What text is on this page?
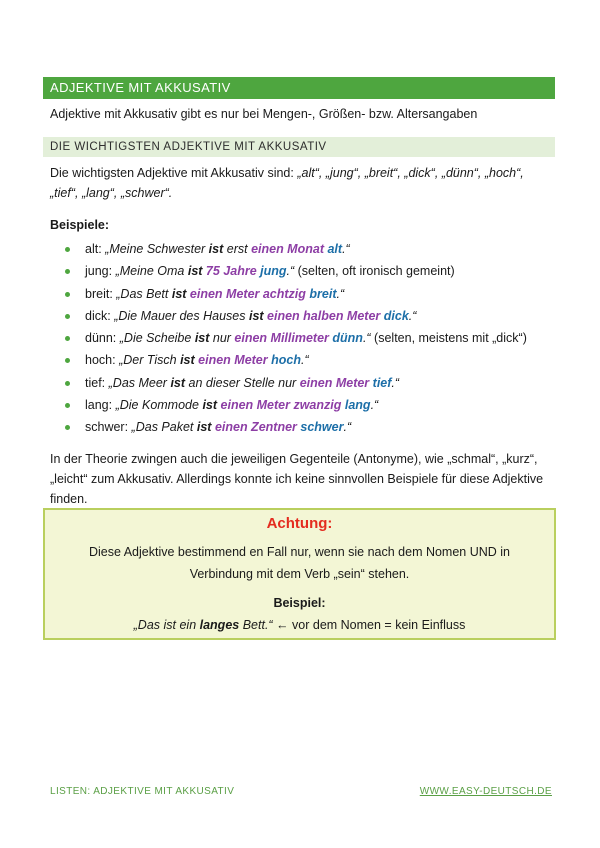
ADJEKTIVE MIT AKKUSATIV
Adjektive mit Akkusativ gibt es nur bei Mengen-, Größen- bzw. Altersangaben
DIE WICHTIGSTEN ADJEKTIVE MIT AKKUSATIV
Die wichtigsten Adjektive mit Akkusativ sind: „alt“, „jung“, „breit“, „dick“, „dünn“, „hoch“, „tief“, „lang“, „schwer“.
Beispiele:
alt: „Meine Schwester ist erst einen Monat alt.“
jung: „Meine Oma ist 75 Jahre jung.“ (selten, oft ironisch gemeint)
breit: „Das Bett ist einen Meter achtzig breit.“
dick: „Die Mauer des Hauses ist einen halben Meter dick.“
dünn: „Die Scheibe ist nur einen Millimeter dünn.“ (selten, meistens mit „dick“)
hoch: „Der Tisch ist einen Meter hoch.“
tief: „Das Meer ist an dieser Stelle nur einen Meter tief.“
lang: „Die Kommode ist einen Meter zwanzig lang.“
schwer: „Das Paket ist einen Zentner schwer.“
In der Theorie zwingen auch die jeweiligen Gegenteile (Antonyme), wie „schmal“, „kurz“, „leicht“ zum Akkusativ. Allerdings konnte ich keine sinnvollen Beispiele für diese Adjektive finden.
Achtung:
Diese Adjektive bestimmend en Fall nur, wenn sie nach dem Nomen UND in
Verbindung mit dem Verb „sein“ stehen.
Beispiel:
„Das ist ein langes Bett.“ ← vor dem Nomen = kein Einfluss
LISTEN: ADJEKTIVE MIT AKKUSATIV	WWW.EASY-DEUTSCH.DE
